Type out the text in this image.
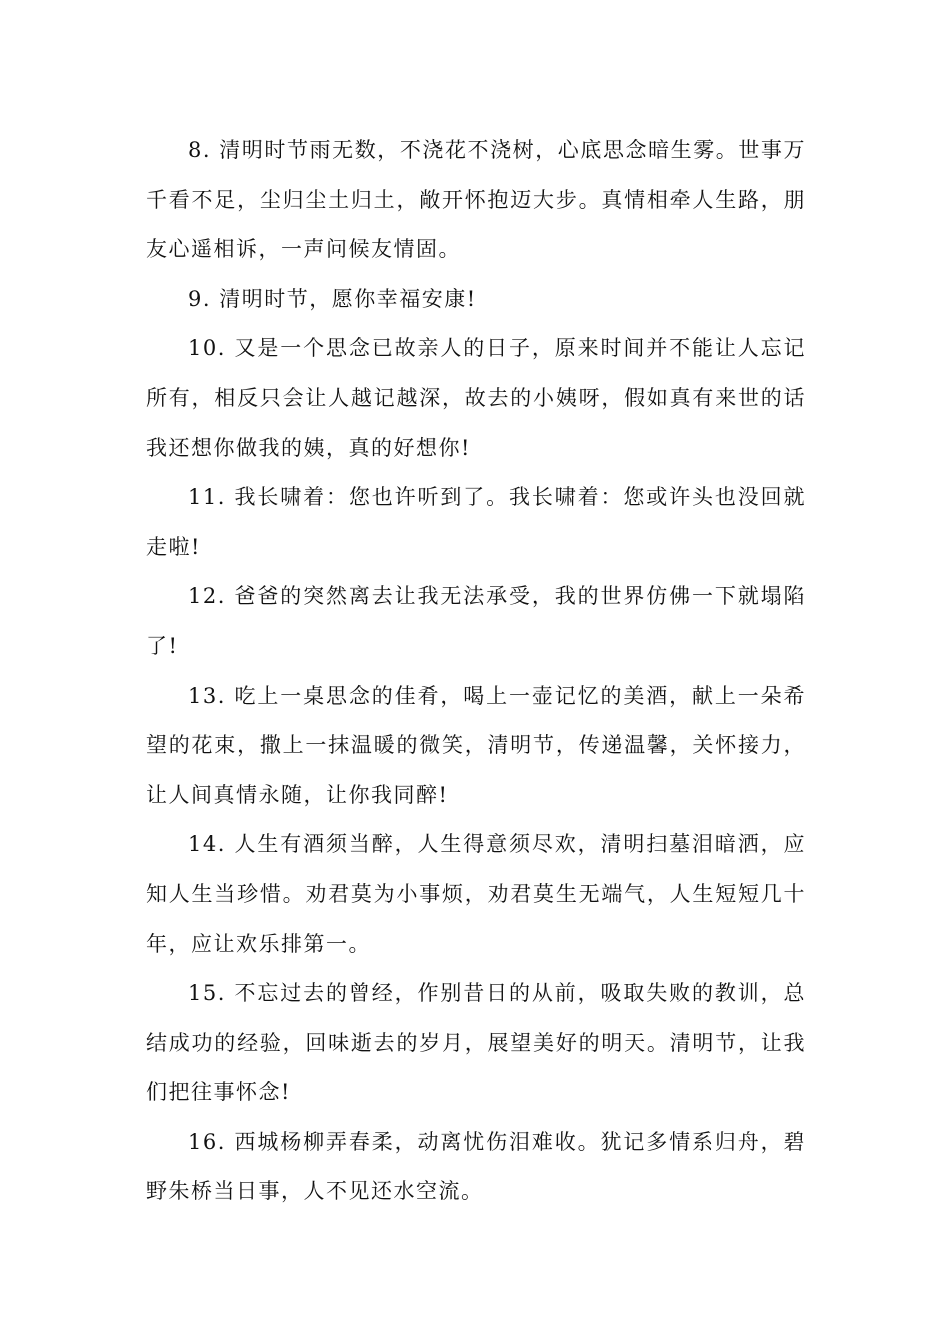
8. 清明时节雨无数，不浇花不浇树，心底思念暗生雾。世事万千看不足，尘归尘土归土，敞开怀抱迈大步。真情相牵人生路，朋友心遥相诉，一声问候友情固。

9. 清明时节，愿你幸福安康!

10. 又是一个思念已故亲人的日子，原来时间并不能让人忘记所有，相反只会让人越记越深，故去的小姨呀，假如真有来世的话我还想你做我的姨，真的好想你!

11. 我长啸着：您也许听到了。我长啸着：您或许头也没回就走啦!

12. 爸爸的突然离去让我无法承受，我的世界仿佛一下就塌陷了!

13. 吃上一桌思念的佳肴，喝上一壶记忆的美酒，献上一朵希望的花束，撒上一抹温暖的微笑，清明节，传递温馨，关怀接力，让人间真情永随，让你我同醉!

14. 人生有酒须当醉，人生得意须尽欢，清明扫墓泪暗洒，应知人生当珍惜。劝君莫为小事烦，劝君莫生无端气，人生短短几十年，应让欢乐排第一。

15. 不忘过去的曾经，作别昔日的从前，吸取失败的教训，总结成功的经验，回味逝去的岁月，展望美好的明天。清明节，让我们把往事怀念!

16. 西城杨柳弄春柔，动离忧伤泪难收。犹记多情系归舟，碧野朱桥当日事，人不见还水空流。
